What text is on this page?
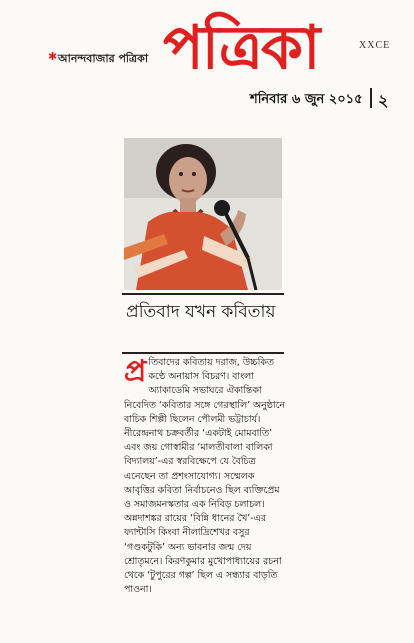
✱ আনন্দবাজার পত্রিকা পত্রিকা	XXCE
শনিবার ৬ জুন ২০১৫ ২
প্রতিবাদ যখন কবিতায়

প্র তিবাদের কবিতায় দরাজ, উচ্চকিত কণ্ঠে অনায়াস বিচরণ। বাংলা অ্যাকাডেমি সভাঘরে ঐকান্তিকা নিবেদিত ‘কবিতার সঙ্গে গেরস্থালি’ অনুষ্ঠানে বাচিক শিল্পী ছিলেন পৌলমী ভট্টাচার্য। নীরেন্দ্রনাথ চক্রবর্তীর ‘একটাই মোমবাতি’ এবং জয় গোস্বামীর ‘মালতীবালা বালিকা বিদ্যালয়’-এর স্বরবিক্ষেপে যে বৈচিত্র এনেছেন তা প্রশংসাযোগ্য। সম্মেলক আবৃত্তির কবিতা নির্বাচনেও ছিল ব্যক্তিপ্রেম ও সমাজমনস্কতার এক নিবিড় চলাচল। অন্নদাশঙ্কর রায়ের ‘বিন্নি ধানের খৈ’-এর ফ্যান্টাসি কিংবা নীলাদ্রিশেখর বসুর ‘গণ্ডকটুকি’ অন্য ভাবনার জন্ম দেয় শ্রোতৃমনে। কিরণকুমার মুখোপাধ্যায়ের রচনা থেকে ‘টুপুরের গল্প’ ছিল এ সন্ধ্যার বাড়তি পাওনা।
